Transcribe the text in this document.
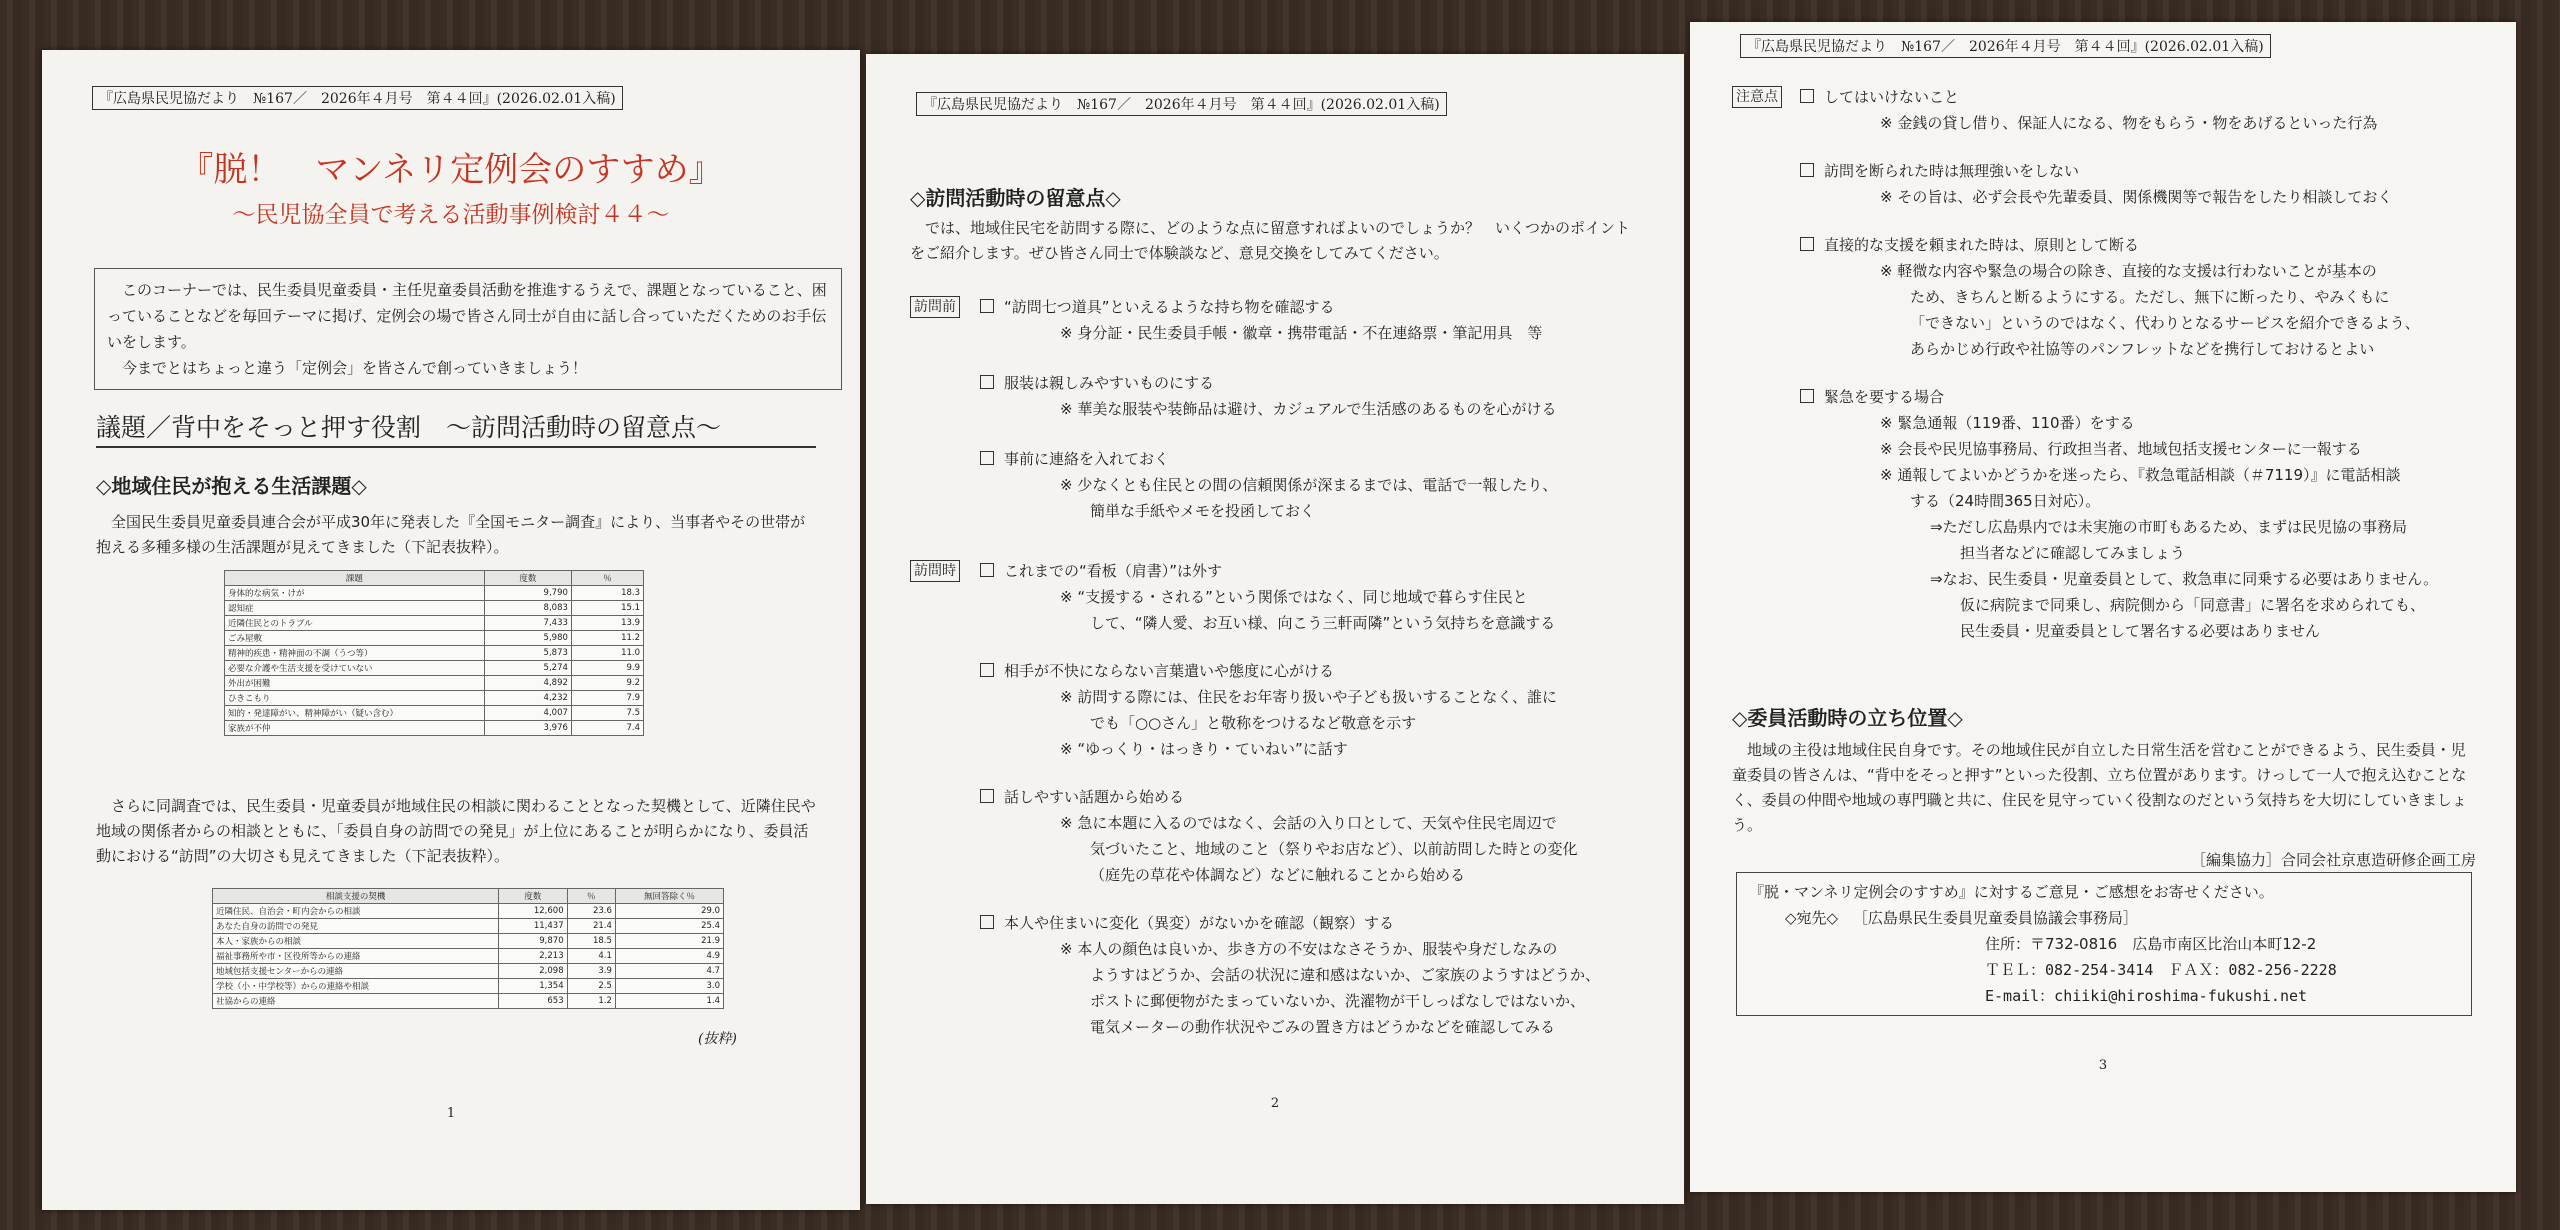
『広島県民児協だより　№167／　2026年４月号　第４４回』(2026.02.01入稿)
『脱！　マンネリ定例会のすすめ』
～民児協全員で考える活動事例検討４４～

このコーナーでは、民生委員児童委員・主任児童委員活動を推進するうえで、課題となっていること、困っていることなどを毎回テーマに掲げ、定例会の場で皆さん同士が自由に話し合っていただくためのお手伝いをします。

今までとはちょっと違う「定例会」を皆さんで創っていきましょう！

議題／背中をそっと押す役割　～訪問活動時の留意点～
◇地域住民が抱える生活課題◇

全国民生委員児童委員連合会が平成30年に発表した『全国モニター調査』により、当事者やその世帯が抱える多種多様の生活課題が見えてきました（下記表抜粋）。

課題	度数	％
身体的な病気・けが	9,790	18.3
認知症	8,083	15.1
近隣住民とのトラブル	7,433	13.9
ごみ屋敷	5,980	11.2
精神的疾患・精神面の不調（うつ等）	5,873	11.0
必要な介護や生活支援を受けていない	5,274	9.9
外出が困難	4,892	9.2
ひきこもり	4,232	7.9
知的・発達障がい、精神障がい（疑い含む）	4,007	7.5
家族が不仲	3,976	7.4

さらに同調査では、民生委員・児童委員が地域住民の相談に関わることとなった契機として、近隣住民や地域の関係者からの相談とともに、「委員自身の訪問での発見」が上位にあることが明らかになり、委員活動における“訪問”の大切さも見えてきました（下記表抜粋）。

相談支援の契機	度数	％	無回答除く％
近隣住民、自治会・町内会からの相談	12,600	23.6	29.0
あなた自身の訪問での発見	11,437	21.4	25.4
本人・家族からの相談	9,870	18.5	21.9
福祉事務所や市・区役所等からの連絡	2,213	4.1	4.9
地域包括支援センターからの連絡	2,098	3.9	4.7
学校（小・中学校等）からの連絡や相談	1,354	2.5	3.0
社協からの連絡	653	1.2	1.4
(抜粋)
1
『広島県民児協だより　№167／　2026年４月号　第４４回』(2026.02.01入稿)
◇訪問活動時の留意点◇

では、地域住民宅を訪問する際に、どのような点に留意すればよいのでしょうか？　いくつかのポイントをご紹介します。ぜひ皆さん同士で体験談など、意見交換をしてみてください。

訪問前	“訪問七つ道具”といえるような持ち物を確認する
※ 身分証・民生委員手帳・徽章・携帯電話・不在連絡票・筆記用具　等
服装は親しみやすいものにする
※ 華美な服装や装飾品は避け、カジュアルで生活感のあるものを心がける
事前に連絡を入れておく
※ 少なくとも住民との間の信頼関係が深まるまでは、電話で一報したり、
簡単な手紙やメモを投函しておく
訪問時	これまでの“看板（肩書）”は外す
※ “支援する・される”という関係ではなく、同じ地域で暮らす住民と
して、“隣人愛、お互い様、向こう三軒両隣”という気持ちを意識する
相手が不快にならない言葉遣いや態度に心がける
※ 訪問する際には、住民をお年寄り扱いや子ども扱いすることなく、誰に
でも「○○さん」と敬称をつけるなど敬意を示す
※ “ゆっくり・はっきり・ていねい”に話す
話しやすい話題から始める
※ 急に本題に入るのではなく、会話の入り口として、天気や住民宅周辺で
気づいたこと、地域のこと（祭りやお店など）、以前訪問した時との変化
（庭先の草花や体調など）などに触れることから始める
本人や住まいに変化（異変）がないかを確認（観察）する
※ 本人の顔色は良いか、歩き方の不安はなさそうか、服装や身だしなみの
ようすはどうか、会話の状況に違和感はないか、ご家族のようすはどうか、
ポストに郵便物がたまっていないか、洗濯物が干しっぱなしではないか、
電気メーターの動作状況やごみの置き方はどうかなどを確認してみる
2
『広島県民児協だより　№167／　2026年４月号　第４４回』(2026.02.01入稿)
注意点	してはいけないこと
※ 金銭の貸し借り、保証人になる、物をもらう・物をあげるといった行為
訪問を断られた時は無理強いをしない
※ その旨は、必ず会長や先輩委員、関係機関等で報告をしたり相談しておく
直接的な支援を頼まれた時は、原則として断る
※ 軽微な内容や緊急の場合の除き、直接的な支援は行わないことが基本の
ため、きちんと断るようにする。ただし、無下に断ったり、やみくもに
「できない」というのではなく、代わりとなるサービスを紹介できるよう、
あらかじめ行政や社協等のパンフレットなどを携行しておけるとよい
緊急を要する場合
※ 緊急通報（119番、110番）をする
※ 会長や民児協事務局、行政担当者、地域包括支援センターに一報する
※ 通報してよいかどうかを迷ったら、『救急電話相談（＃7119）』に電話相談
する（24時間365日対応）。
⇒ただし広島県内では未実施の市町もあるため、まずは民児協の事務局
担当者などに確認してみましょう
⇒なお、民生委員・児童委員として、救急車に同乗する必要はありません。
仮に病院まで同乗し、病院側から「同意書」に署名を求められても、
民生委員・児童委員として署名する必要はありません
◇委員活動時の立ち位置◇

地域の主役は地域住民自身です。その地域住民が自立した日常生活を営むことができるよう、民生委員・児童委員の皆さんは、“背中をそっと押す”といった役割、立ち位置があります。けっして一人で抱え込むことなく、委員の仲間や地域の専門職と共に、住民を見守っていく役割なのだという気持ちを大切にしていきましょう。

［編集協力］合同会社京恵造研修企画工房
『脱・マンネリ定例会のすすめ』に対するご意見・ご感想をお寄せください。
◇宛先◇ ［広島県民生委員児童委員協議会事務局］
住所：〒732-0816　広島市南区比治山本町12-2
ＴＥＬ：082-254-3414　ＦＡＸ：082-256-2228
E-mail：chiiki@hiroshima-fukushi.net
3
